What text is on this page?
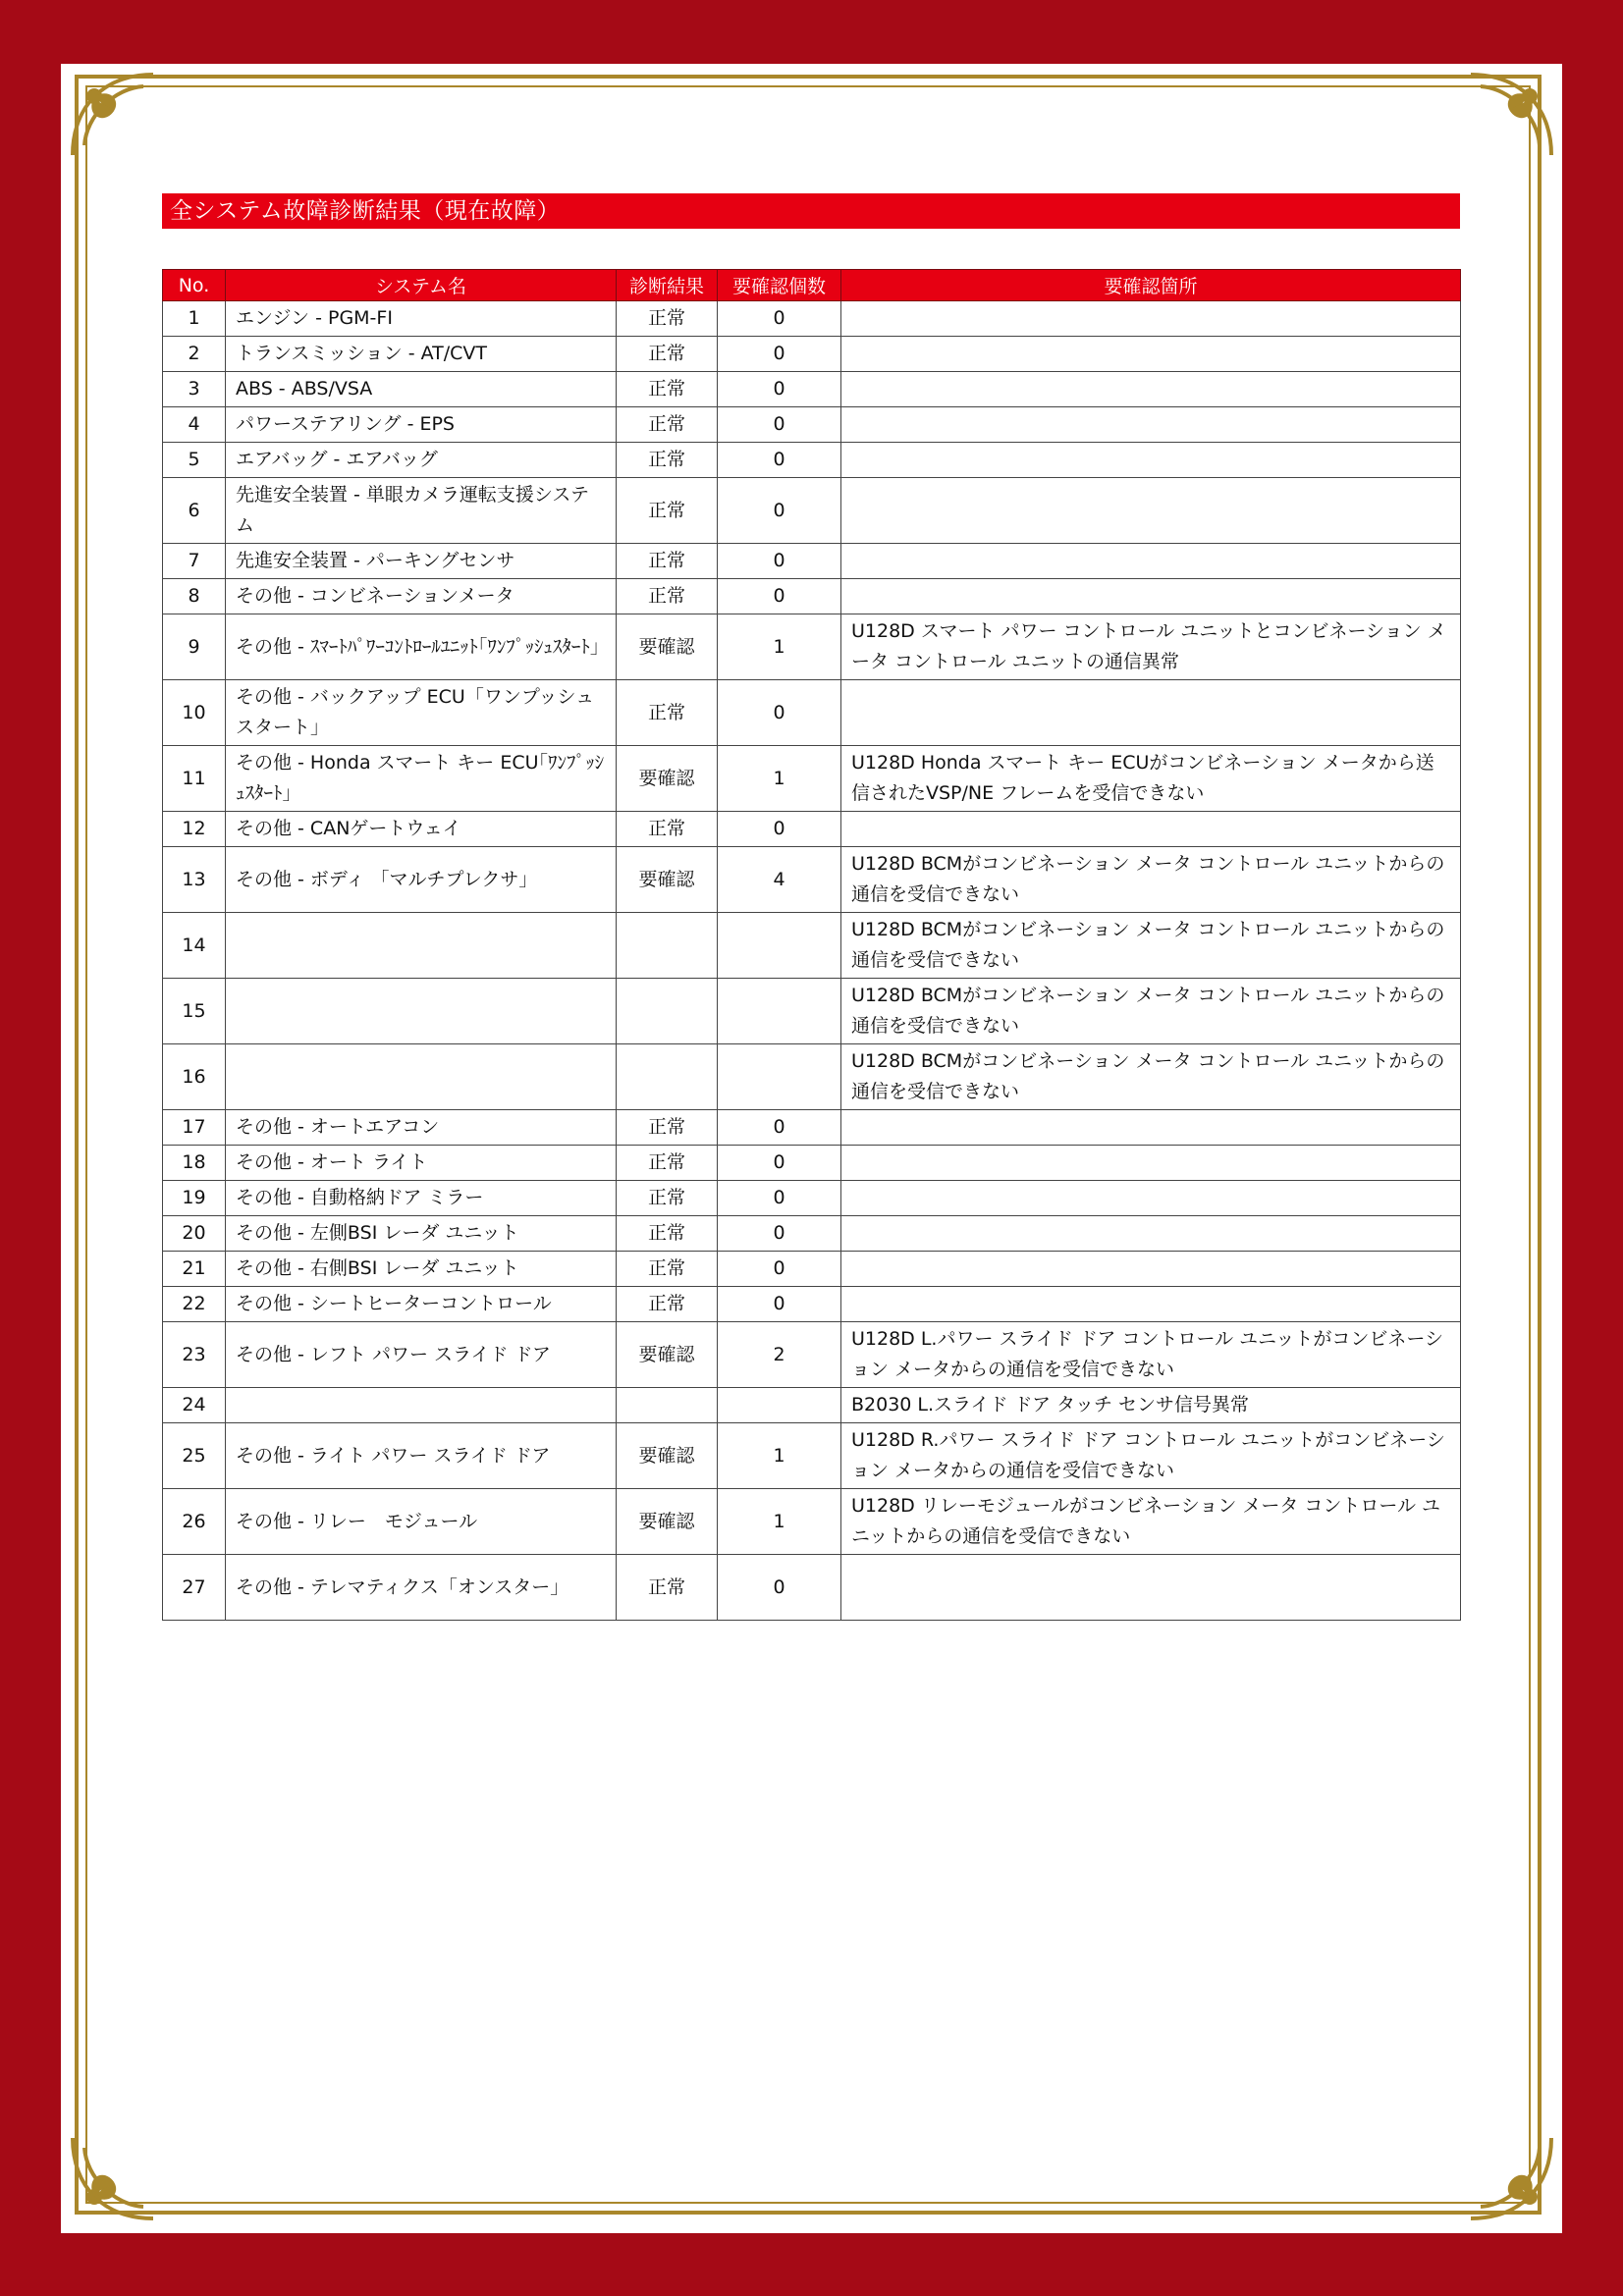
全システム故障診断結果（現在故障）
No.	システム名	診断結果	要確認個数	要確認箇所
1	エンジン - PGM-FI	正常	0	
2	トランスミッション - AT/CVT	正常	0	
3	ABS - ABS/VSA	正常	0	
4	パワーステアリング - EPS	正常	0	
5	エアバッグ - エアバッグ	正常	0	
6	先進安全装置 - 単眼カメラ運転支援システム	正常	0	
7	先進安全装置 - パーキングセンサ	正常	0	
8	その他 - コンビネーションメータ	正常	0	
9	その他 - ｽﾏｰﾄﾊﾟﾜｰｺﾝﾄﾛｰﾙﾕﾆｯﾄ｢ﾜﾝﾌﾟｯｼｭｽﾀｰﾄ｣	要確認	1	U128D スマート パワー コントロール ユニットとコンビネーション メータ コントロール ユニットの通信異常
10	その他 - バックアップ ECU「ワンプッシュスタート」	正常	0	
11	その他 - Honda スマート キー ECU｢ﾜﾝﾌﾟｯｼｭｽﾀｰﾄ｣	要確認	1	U128D Honda スマート キー ECUがコンビネーション メータから送信されたVSP/NE フレームを受信できない
12	その他 - CANゲートウェイ	正常	0	
13	その他 - ボディ 「マルチプレクサ」	要確認	4	U128D BCMがコンビネーション メータ コントロール ユニットからの通信を受信できない
14				U128D BCMがコンビネーション メータ コントロール ユニットからの通信を受信できない
15				U128D BCMがコンビネーション メータ コントロール ユニットからの通信を受信できない
16				U128D BCMがコンビネーション メータ コントロール ユニットからの通信を受信できない
17	その他 - オートエアコン	正常	0	
18	その他 - オート ライト	正常	0	
19	その他 - 自動格納ドア ミラー	正常	0	
20	その他 - 左側BSI レーダ ユニット	正常	0	
21	その他 - 右側BSI レーダ ユニット	正常	0	
22	その他 - シートヒーターコントロール	正常	0	
23	その他 - レフト パワー スライド ドア	要確認	2	U128D L.パワー スライド ドア コントロール ユニットがコンビネーション メータからの通信を受信できない
24				B2030 L.スライド ドア タッチ センサ信号異常
25	その他 - ライト パワー スライド ドア	要確認	1	U128D R.パワー スライド ドア コントロール ユニットがコンビネーション メータからの通信を受信できない
26	その他 - リレー　モジュール	要確認	1	U128D リレーモジュールがコンビネーション メータ コントロール ユニットからの通信を受信できない
27	その他 - テレマティクス「オンスター」	正常	0	
